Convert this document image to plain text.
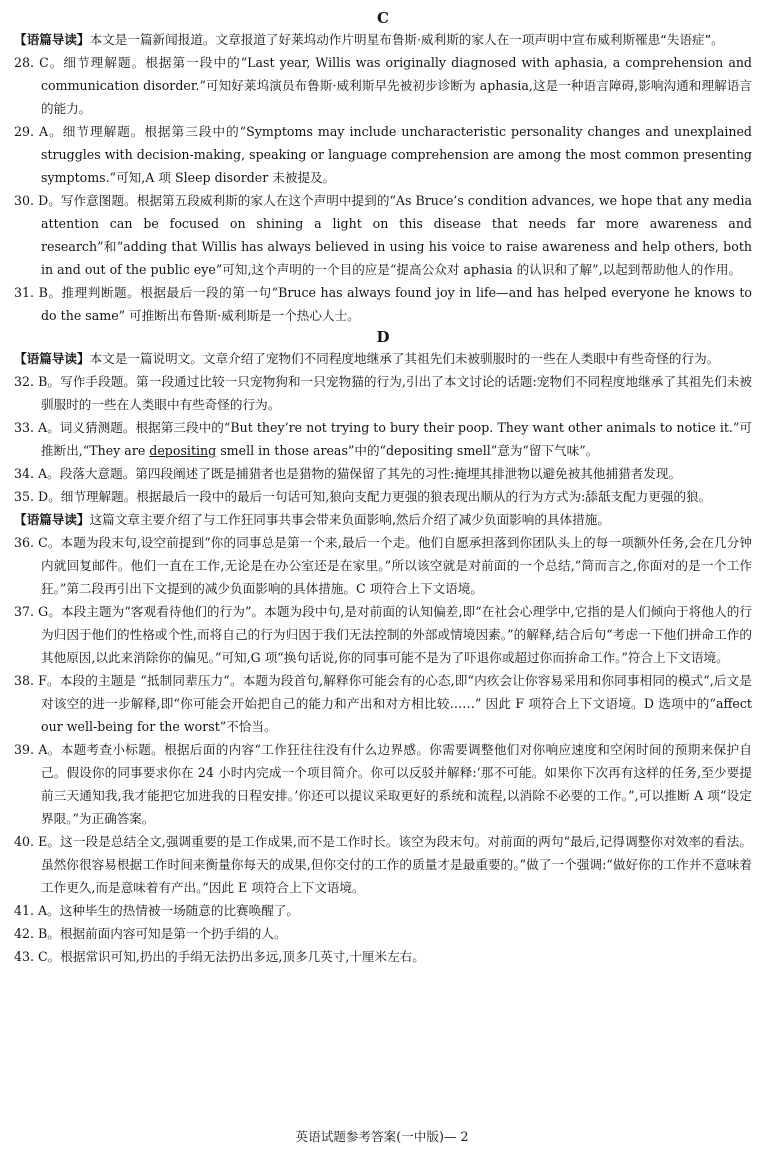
C

【语篇导读】本文是一篇新闻报道。文章报道了好莱坞动作片明星布鲁斯·威利斯的家人在一项声明中宣布威利斯罹患“失语症”。

28. C。细节理解题。根据第一段中的“Last year, Willis was originally diagnosed with aphasia, a comprehension and communication disorder.”可知好莱坞演员布鲁斯·威利斯早先被初步诊断为 aphasia,这是一种语言障碍,影响沟通和理解语言的能力。

29. A。细节理解题。根据第三段中的“Symptoms may include uncharacteristic personality changes and unexplained struggles with decision-making, speaking or language comprehension are among the most common presenting symptoms.”可知,A 项 Sleep disorder 未被提及。

30. D。写作意图题。根据第五段威利斯的家人在这个声明中提到的“As Bruce’s condition advances, we hope that any media attention can be focused on shining a light on this disease that needs far more awareness and research”和“adding that Willis has always believed in using his voice to raise awareness and help others, both in and out of the public eye”可知,这个声明的一个目的应是“提高公众对 aphasia 的认识和了解”,以起到帮助他人的作用。

31. B。推理判断题。根据最后一段的第一句“Bruce has always found joy in life—and has helped everyone he knows to do the same” 可推断出布鲁斯·威利斯是一个热心人士。

D

【语篇导读】本文是一篇说明文。文章介绍了宠物们不同程度地继承了其祖先们未被驯服时的一些在人类眼中有些奇怪的行为。

32. B。写作手段题。第一段通过比较一只宠物狗和一只宠物猫的行为,引出了本文讨论的话题:宠物们不同程度地继承了其祖先们未被驯服时的一些在人类眼中有些奇怪的行为。

33. A。词义猜测题。根据第三段中的“But they’re not trying to bury their poop. They want other animals to notice it.”可推断出,“They are depositing smell in those areas”中的“depositing smell”意为“留下气味”。

34. A。段落大意题。第四段阐述了既是捕猎者也是猎物的猫保留了其先的习性:掩埋其排泄物以避免被其他捕猎者发现。

35. D。细节理解题。根据最后一段中的最后一句话可知,狼向支配力更强的狼表现出顺从的行为方式为:舔舐支配力更强的狼。

【语篇导读】这篇文章主要介绍了与工作狂同事共事会带来负面影响,然后介绍了减少负面影响的具体措施。

36. C。本题为段末句,设空前提到“你的同事总是第一个来,最后一个走。他们自愿承担落到你团队头上的每一项额外任务,会在几分钟内就回复邮件。他们一直在工作,无论是在办公室还是在家里。”所以该空就是对前面的一个总结,“简而言之,你面对的是一个工作狂。”第二段再引出下文提到的减少负面影响的具体措施。C 项符合上下文语境。

37. G。本段主题为“客观看待他们的行为”。本题为段中句,是对前面的认知偏差,即“在社会心理学中,它指的是人们倾向于将他人的行为归因于他们的性格或个性,而将自己的行为归因于我们无法控制的外部或情境因素。”的解释,结合后句“考虑一下他们拼命工作的其他原因,以此来消除你的偏见。”可知,G 项“换句话说,你的同事可能不是为了吓退你或超过你而拚命工作。”符合上下文语境。

38. F。本段的主题是 “抵制同辈压力”。本题为段首句,解释你可能会有的心态,即“内疚会让你容易采用和你同事相同的模式”,后文是对该空的进一步解释,即“你可能会开始把自己的能力和产出和对方相比较……” 因此 F 项符合上下文语境。D 选项中的“affect our well-being for the worst”不恰当。

39. A。本题考查小标题。根据后面的内容“工作狂往往没有什么边界感。你需要调整他们对你响应速度和空闲时间的预期来保护自己。假设你的同事要求你在 24 小时内完成一个项目简介。你可以反驳并解释:‘那不可能。如果你下次再有这样的任务,至少要提前三天通知我,我才能把它加进我的日程安排。’你还可以提议采取更好的系统和流程,以消除不必要的工作。”,可以推断 A 项“设定界限。”为正确答案。

40. E。这一段是总结全文,强调重要的是工作成果,而不是工作时长。该空为段末句。对前面的两句“最后,记得调整你对效率的看法。虽然你很容易根据工作时间来衡量你每天的成果,但你交付的工作的质量才是最重要的。”做了一个强调:“做好你的工作并不意味着工作更久,而是意味着有产出。”因此 E 项符合上下文语境。

41. A。这种毕生的热情被一场随意的比赛唤醒了。

42. B。根据前面内容可知是第一个扔手绢的人。

43. C。根据常识可知,扔出的手绢无法扔出多远,顶多几英寸,十厘米左右。

英语试题参考答案(一中版)— 2
